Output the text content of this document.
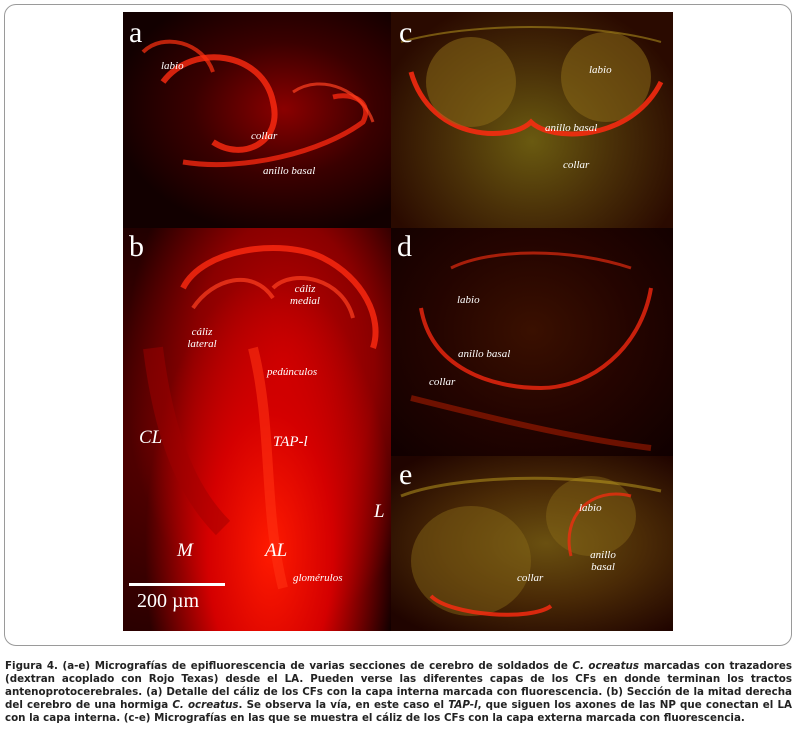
a
labio
collar
anillo basal
b
cáliz
medial
cáliz
lateral
pedúnculos
CL	TAP-l
L
M	AL
glomérulos
200 µm
c
labio
anillo basal
collar
d
labio
anillo basal
collar
e
labio
anillo
basal
collar
Figura 4. (a-e) Micrografías de epifluorescencia de varias secciones de cerebro de soldados de C. ocreatus marcadas con trazadores (dextran acoplado con Rojo Texas) desde el LA. Pueden verse las diferentes capas de los CFs en donde terminan los tractos antenoprotocerebrales. (a) Detalle del cáliz de los CFs con la capa interna marcada con fluorescencia. (b) Sección de la mitad derecha del cerebro de una hormiga C. ocreatus. Se observa la vía, en este caso el TAP-l, que siguen los axones de las NP que conectan el LA con la capa interna. (c-e) Micrografías en las que se muestra el cáliz de los CFs con la capa externa marcada con fluorescencia.
